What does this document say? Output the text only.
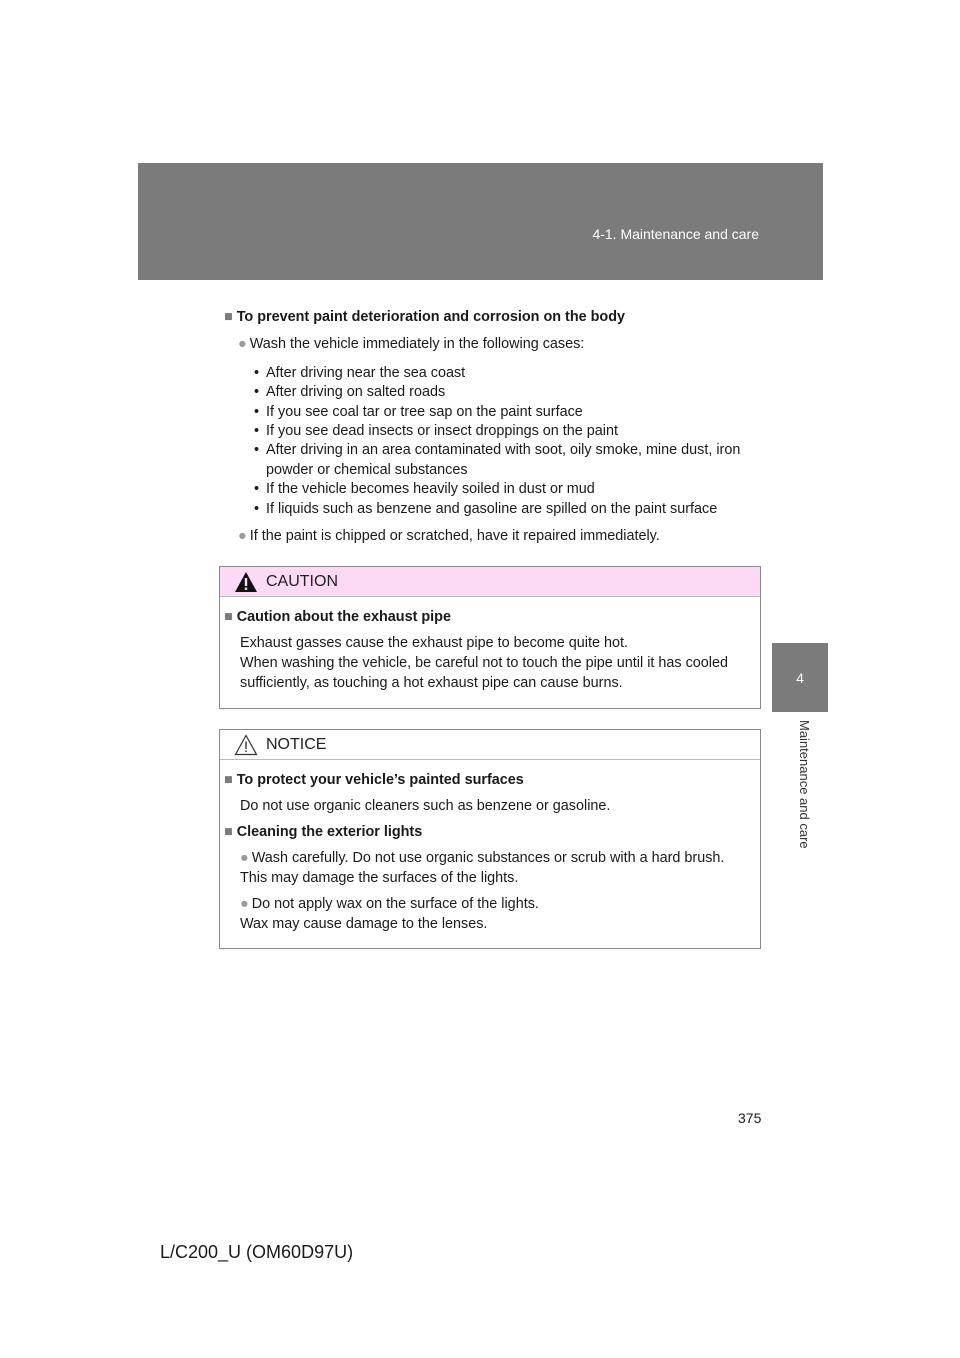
4-1. Maintenance and care
4
Maintenance and care
■ To prevent paint deterioration and corrosion on the body
● Wash the vehicle immediately in the following cases:
• After driving near the sea coast
• After driving on salted roads
• If you see coal tar or tree sap on the paint surface
• If you see dead insects or insect droppings on the paint
• After driving in an area contaminated with soot, oily smoke, mine dust, iron powder or chemical substances
• If the vehicle becomes heavily soiled in dust or mud
• If liquids such as benzene and gasoline are spilled on the paint surface
● If the paint is chipped or scratched, have it repaired immediately.
CAUTION
■ Caution about the exhaust pipe
Exhaust gasses cause the exhaust pipe to become quite hot.
When washing the vehicle, be careful not to touch the pipe until it has cooled sufficiently, as touching a hot exhaust pipe can cause burns.
NOTICE
■ To protect your vehicle’s painted surfaces
Do not use organic cleaners such as benzene or gasoline.
■ Cleaning the exterior lights
● Wash carefully. Do not use organic substances or scrub with a hard brush. This may damage the surfaces of the lights.
● Do not apply wax on the surface of the lights.
Wax may cause damage to the lenses.
375
L/C200_U (OM60D97U)
